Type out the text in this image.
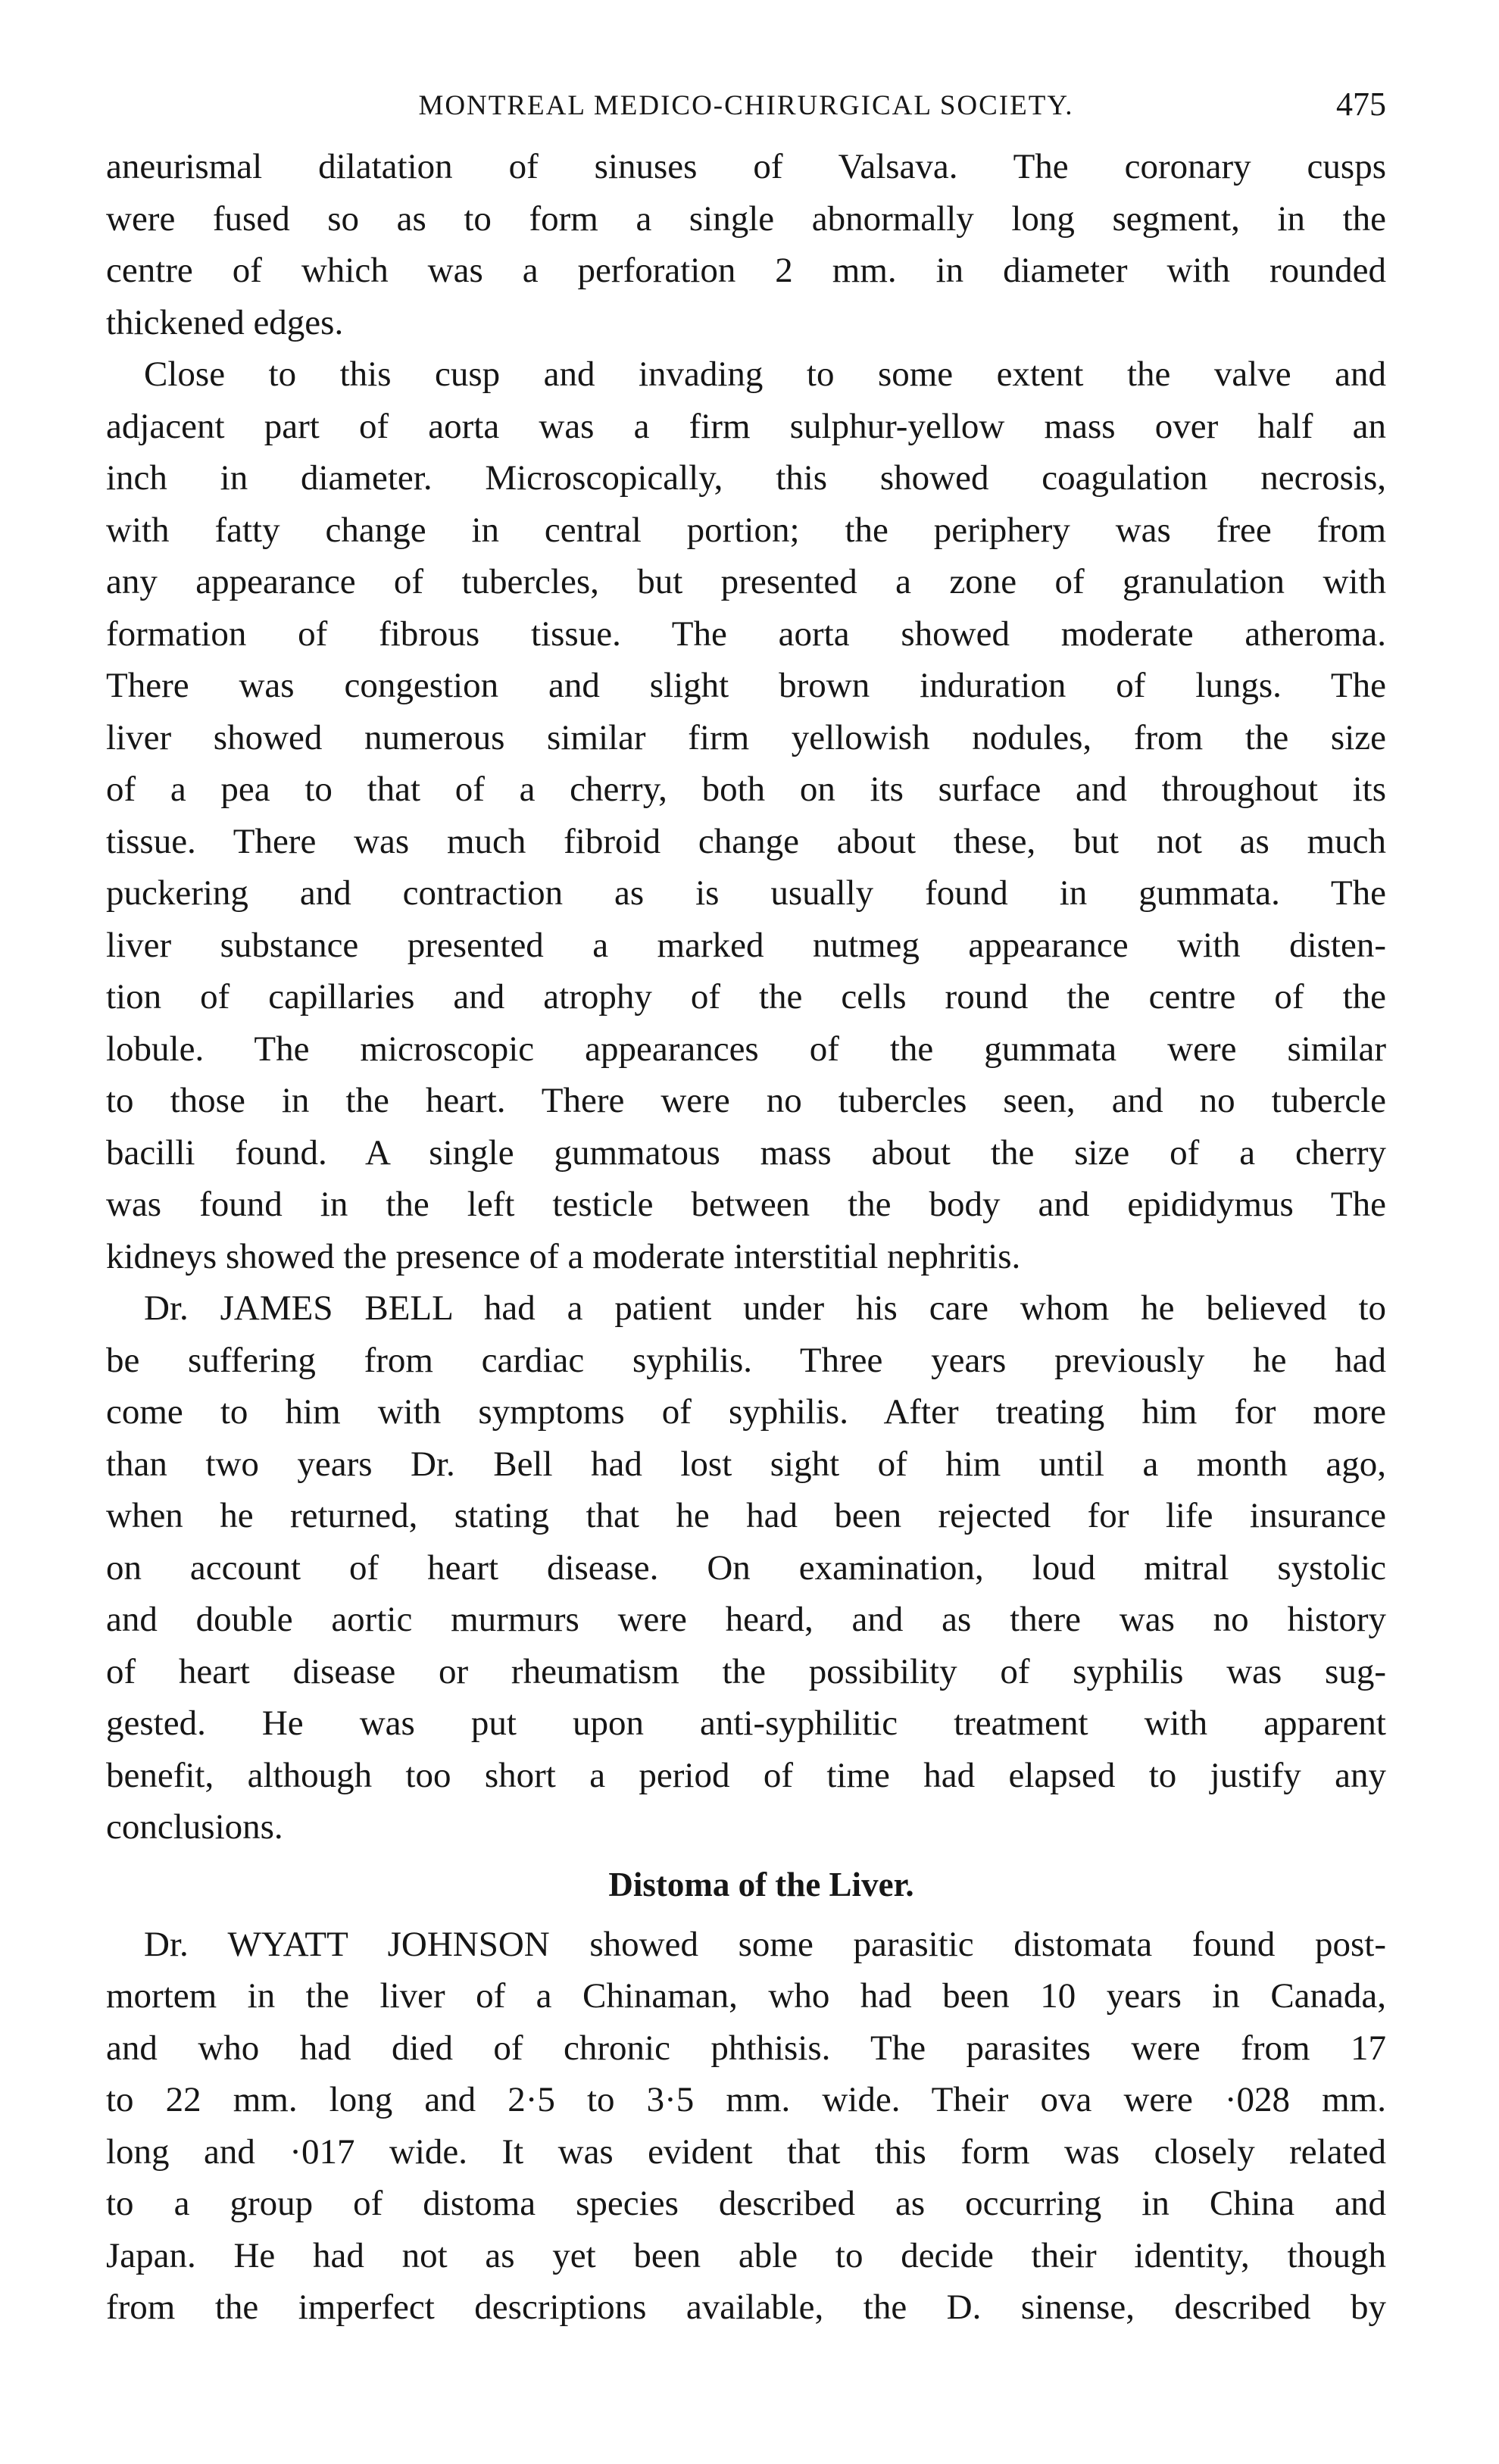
MONTREAL MEDICO-CHIRURGICAL SOCIETY.	475
aneurismal dilatation of sinuses of Valsava. The coronary cusps
were fused so as to form a single abnormally long segment, in the
centre of which was a perforation 2 mm. in diameter with rounded
thickened edges.
Close to this cusp and invading to some extent the valve and
adjacent part of aorta was a firm sulphur-yellow mass over half an
inch in diameter. Microscopically, this showed coagulation necrosis,
with fatty change in central portion; the periphery was free from
any appearance of tubercles, but presented a zone of granulation with
formation of fibrous tissue. The aorta showed moderate atheroma.
There was congestion and slight brown induration of lungs. The
liver showed numerous similar firm yellowish nodules, from the size
of a pea to that of a cherry, both on its surface and throughout its
tissue. There was much fibroid change about these, but not as much
puckering and contraction as is usually found in gummata. The
liver substance presented a marked nutmeg appearance with disten-
tion of capillaries and atrophy of the cells round the centre of the
lobule. The microscopic appearances of the gummata were similar
to those in the heart. There were no tubercles seen, and no tubercle
bacilli found. A single gummatous mass about the size of a cherry
was found in the left testicle between the body and epididymus The
kidneys showed the presence of a moderate interstitial nephritis.
Dr. JAMES BELL had a patient under his care whom he believed to
be suffering from cardiac syphilis. Three years previously he had
come to him with symptoms of syphilis. After treating him for more
than two years Dr. Bell had lost sight of him until a month ago,
when he returned, stating that he had been rejected for life insurance
on account of heart disease. On examination, loud mitral systolic
and double aortic murmurs were heard, and as there was no history
of heart disease or rheumatism the possibility of syphilis was sug-
gested. He was put upon anti-syphilitic treatment with apparent
benefit, although too short a period of time had elapsed to justify any
conclusions.
Distoma of the Liver.
Dr. WYATT JOHNSON showed some parasitic distomata found post-
mortem in the liver of a Chinaman, who had been 10 years in Canada,
and who had died of chronic phthisis. The parasites were from 17
to 22 mm. long and 2·5 to 3·5 mm. wide. Their ova were ·028 mm.
long and ·017 wide. It was evident that this form was closely related
to a group of distoma species described as occurring in China and
Japan. He had not as yet been able to decide their identity, though
from the imperfect descriptions available, the D. sinense, described by
